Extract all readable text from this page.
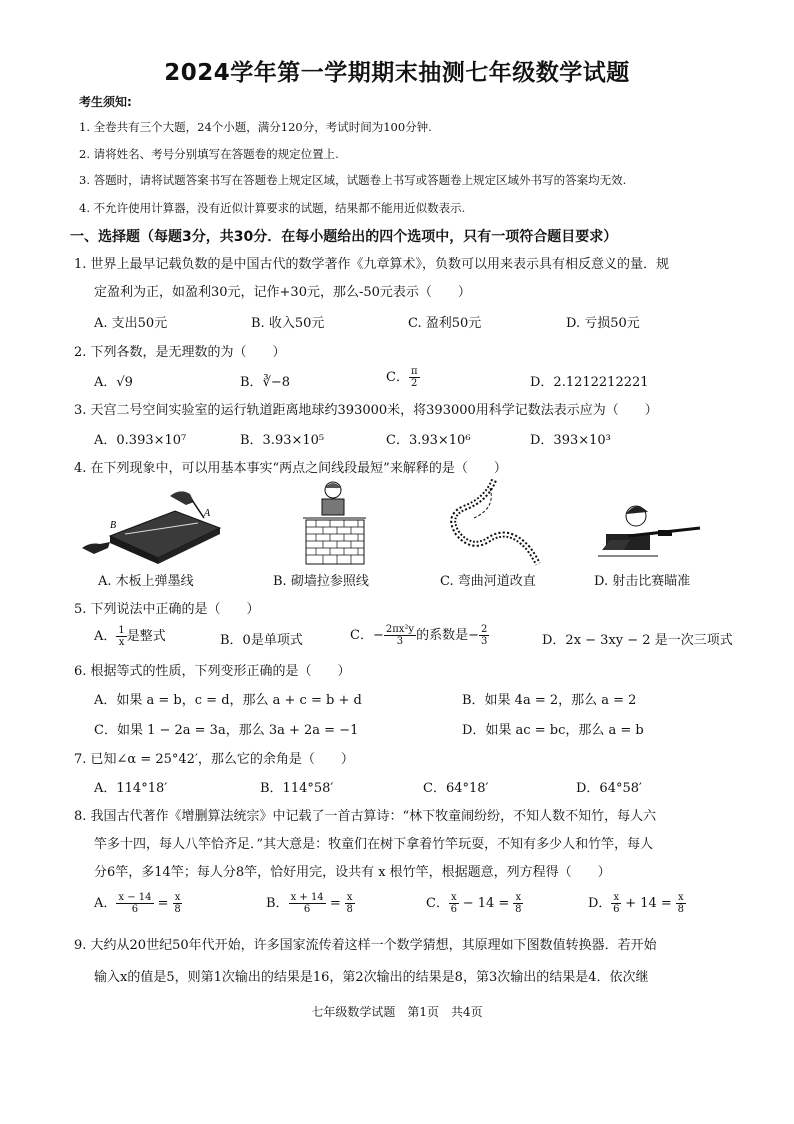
2024学年第一学期期末抽测七年级数学试题
考生须知:
1. 全卷共有三个大题，24个小题，满分120分，考试时间为100分钟.
2. 请将姓名、考号分别填写在答题卷的规定位置上.
3. 答题时，请将试题答案书写在答题卷上规定区域，试题卷上书写或答题卷上规定区域外书写的答案均无效.
4. 不允许使用计算器，没有近似计算要求的试题，结果都不能用近似数表示.
一、选择题（每题3分，共30分．在每小题给出的四个选项中，只有一项符合题目要求）
1. 世界上最早记载负数的是中国古代的数学著作《九章算术》，负数可以用来表示具有相反意义的量．规
定盈利为正，如盈利30元，记作+30元，那么-50元表示（　　）
A. 支出50元	B. 收入50元	C. 盈利50元	D. 亏损50元
2. 下列各数，是无理数的为（　　）
A．√9	B．∛−8	C． $\frac{\pi}{2}$	D．2.1212212221
3. 天宫二号空间实验室的运行轨道距离地球约393000米，将393000用科学记数法表示应为（　　）
A．0.393×10⁷	B．3.93×10⁵	C．3.93×10⁶	D．393×10³
4. 在下列现象中，可以用基本事实“两点之间线段最短”来解释的是（　　）
B
A
A. 木板上弹墨线	B. 砌墙拉参照线	C. 弯曲河道改直	D. 射击比赛瞄准
5. 下列说法中正确的是（　　）
A． $\frac{1}{x}$ 是整式	B．0是单项式	C．− $\frac{\text{2πx²y}}{3}$ 的系数是− $\frac{2}{3}$	D．2x − 3xy − 2 是一次三项式
6. 根据等式的性质，下列变形正确的是（　　）
A．如果 a = b，c = d，那么 a + c = b + d	B．如果 4a = 2，那么 a = 2
C．如果 1 − 2a = 3a，那么 3a + 2a = −1	D．如果 ac = bc，那么 a = b
7. 已知∠α = 25°42′，那么它的余角是（　　）
A．114°18′	B．114°58′	C．64°18′	D．64°58′
8. 我国古代著作《增删算法统宗》中记载了一首古算诗：“林下牧童闹纷纷，不知人数不知竹，每人六
竿多十四，每人八竿恰齐足．”其大意是：牧童们在树下拿着竹竿玩耍，不知有多少人和竹竿，每人
分6竿，多14竿；每人分8竿，恰好用完，设共有 x 根竹竿，根据题意，列方程得（　　）
A． $\frac{x - 14}{6} = \frac{x}{8}$	B． $\frac{x + 14}{6} = \frac{x}{8}$	C． $\frac{x}{6} - 14 = \frac{x}{8}$	D． $\frac{x}{6} + 14 = \frac{x}{8}$
9. 大约从20世纪50年代开始，许多国家流传着这样一个数学猜想，其原理如下图数值转换器．若开始
输入x的值是5，则第1次输出的结果是16，第2次输出的结果是8，第3次输出的结果是4．依次继
七年级数学试题　第1页　共4页
